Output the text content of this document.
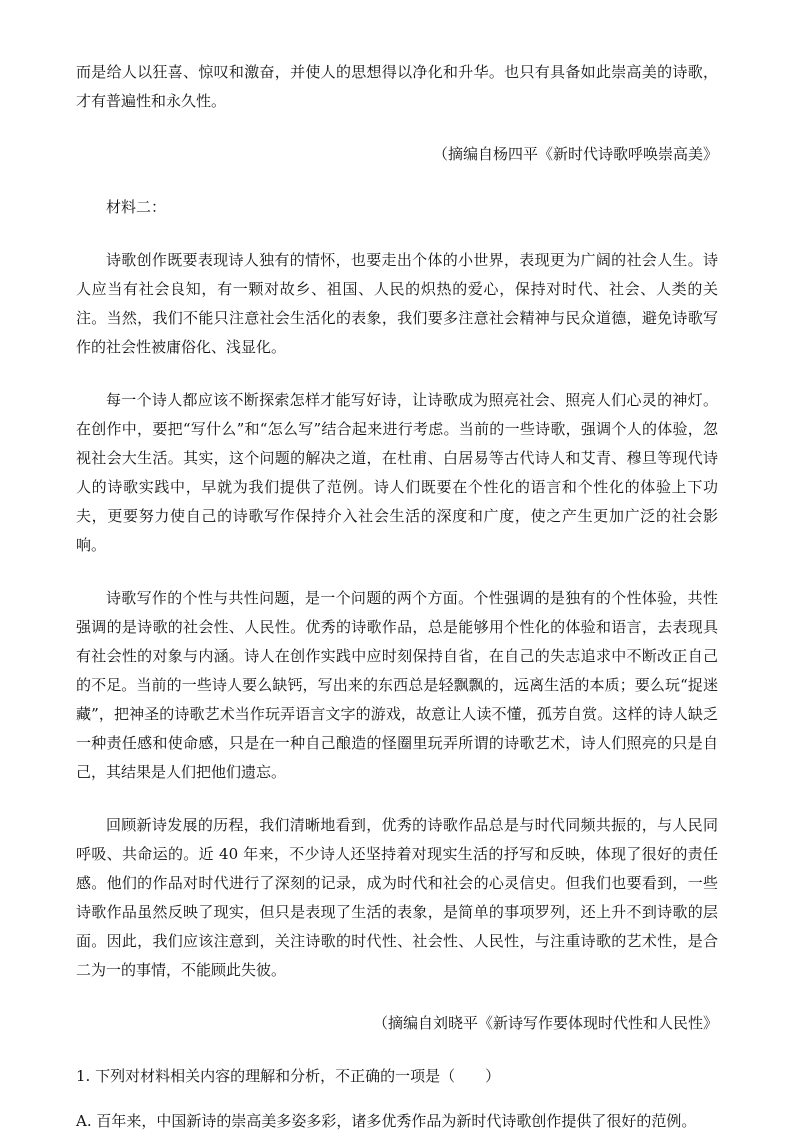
而是给人以狂喜、惊叹和激奋，并使人的思想得以净化和升华。也只有具备如此崇高美的诗歌，才有普遍性和永久性。

（摘编自杨四平《新时代诗歌呼唤崇高美》

材料二：

诗歌创作既要表现诗人独有的情怀，也要走出个体的小世界，表现更为广阔的社会人生。诗人应当有社会良知，有一颗对故乡、祖国、人民的炽热的爱心，保持对时代、社会、人类的关注。当然，我们不能只注意社会生活化的表象，我们要多注意社会精神与民众道德，避免诗歌写作的社会性被庸俗化、浅显化。

每一个诗人都应该不断探索怎样才能写好诗，让诗歌成为照亮社会、照亮人们心灵的神灯。在创作中，要把“写什么”和“怎么写”结合起来进行考虑。当前的一些诗歌，强调个人的体验，忽视社会大生活。其实，这个问题的解决之道，在杜甫、白居易等古代诗人和艾青、穆旦等现代诗人的诗歌实践中，早就为我们提供了范例。诗人们既要在个性化的语言和个性化的体验上下功夫，更要努力使自己的诗歌写作保持介入社会生活的深度和广度，使之产生更加广泛的社会影响。

诗歌写作的个性与共性问题，是一个问题的两个方面。个性强调的是独有的个性体验，共性强调的是诗歌的社会性、人民性。优秀的诗歌作品，总是能够用个性化的体验和语言，去表现具有社会性的对象与内涵。诗人在创作实践中应时刻保持自省，在自己的失志追求中不断改正自己的不足。当前的一些诗人要么缺钙，写出来的东西总是轻飘飘的，远离生活的本质；要么玩“捉迷藏”，把神圣的诗歌艺术当作玩弄语言文字的游戏，故意让人读不懂，孤芳自赏。这样的诗人缺乏一种责任感和使命感，只是在一种自己酿造的怪圈里玩弄所谓的诗歌艺术，诗人们照亮的只是自己，其结果是人们把他们遗忘。

回顾新诗发展的历程，我们清晰地看到，优秀的诗歌作品总是与时代同频共振的，与人民同呼吸、共命运的。近 40 年来，不少诗人还坚持着对现实生活的抒写和反映，体现了很好的责任感。他们的作品对时代进行了深刻的记录，成为时代和社会的心灵信史。但我们也要看到，一些诗歌作品虽然反映了现实，但只是表现了生活的表象，是简单的事项罗列，还上升不到诗歌的层面。因此，我们应该注意到，关注诗歌的时代性、社会性、人民性，与注重诗歌的艺术性，是合二为一的事情，不能顾此失彼。

（摘编自刘晓平《新诗写作要体现时代性和人民性》

1. 下列对材料相关内容的理解和分析，不正确的一项是（　　）

A. 百年来，中国新诗的崇高美多姿多彩，诸多优秀作品为新时代诗歌创作提供了很好的范例。
